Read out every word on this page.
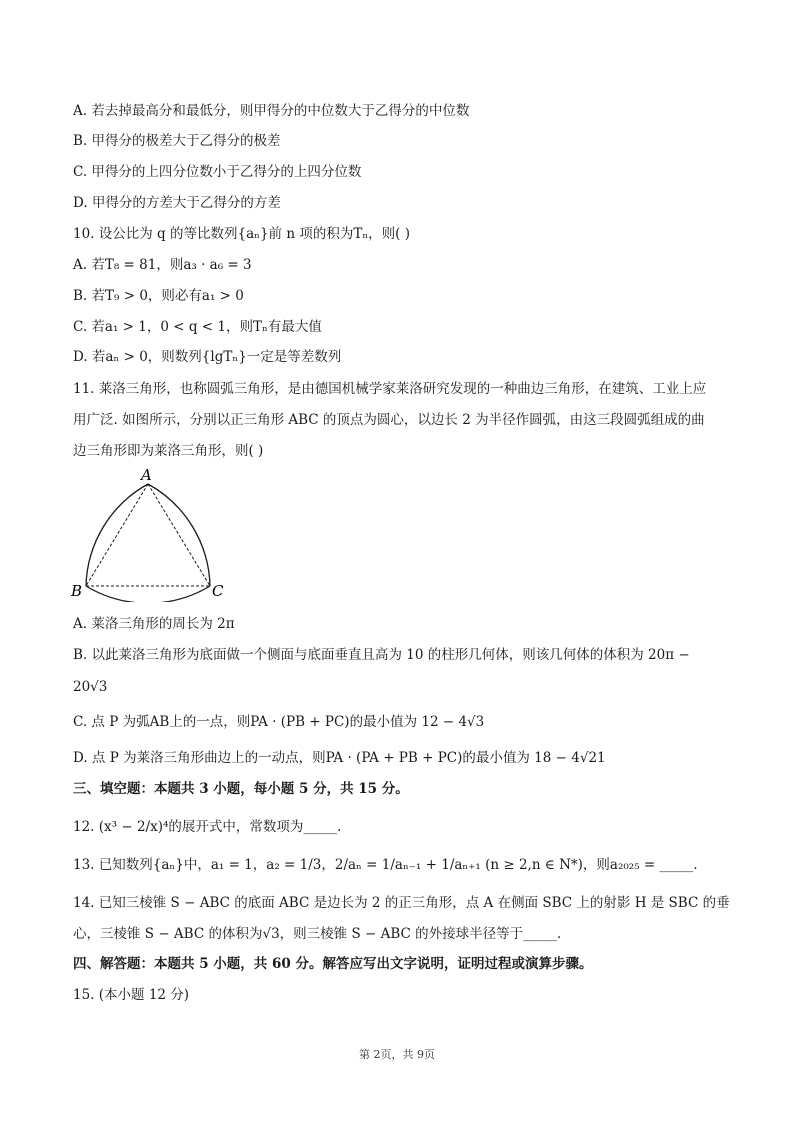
A. 若去掉最高分和最低分，则甲得分的中位数大于乙得分的中位数
B. 甲得分的极差大于乙得分的极差
C. 甲得分的上四分位数小于乙得分的上四分位数
D. 甲得分的方差大于乙得分的方差
10. 设公比为 q 的等比数列{aₙ}前 n 项的积为Tₙ，则( )
A. 若T₈ = 81，则a₃ · a₆ = 3
B. 若T₉ > 0，则必有a₁ > 0
C. 若a₁ > 1，0 < q < 1，则Tₙ有最大值
D. 若aₙ > 0，则数列{lgTₙ}一定是等差数列
11. 莱洛三角形，也称圆弧三角形，是由德国机械学家莱洛研究发现的一种曲边三角形，在建筑、工业上应
用广泛. 如图所示，分别以正三角形 ABC 的顶点为圆心，以边长 2 为半径作圆弧，由这三段圆弧组成的曲
边三角形即为莱洛三角形，则( )
A
B	C
A. 莱洛三角形的周长为 2π
B. 以此莱洛三角形为底面做一个侧面与底面垂直且高为 10 的柱形几何体，则该几何体的体积为 20π −
20√3
C. 点 P 为弧AB上的一点，则PA · (PB + PC)的最小值为 12 − 4√3
D. 点 P 为莱洛三角形曲边上的一动点，则PA · (PA + PB + PC)的最小值为 18 − 4√21
三、填空题：本题共 3 小题，每小题 5 分，共 15 分。
12. (x³ − 2/x)⁴的展开式中，常数项为_____.
13. 已知数列{aₙ}中，a₁ = 1，a₂ = 1/3，2/aₙ = 1/aₙ₋₁ + 1/aₙ₊₁ (n ≥ 2,n ∈ N*)，则a₂₀₂₅ = _____.
14. 已知三棱锥 S − ABC 的底面 ABC 是边长为 2 的正三角形，点 A 在侧面 SBC 上的射影 H 是 SBC 的垂
心，三棱锥 S − ABC 的体积为√3，则三棱锥 S − ABC 的外接球半径等于_____.
四、解答题：本题共 5 小题，共 60 分。解答应写出文字说明，证明过程或演算步骤。
15. (本小题 12 分)
第 2页，共 9页
